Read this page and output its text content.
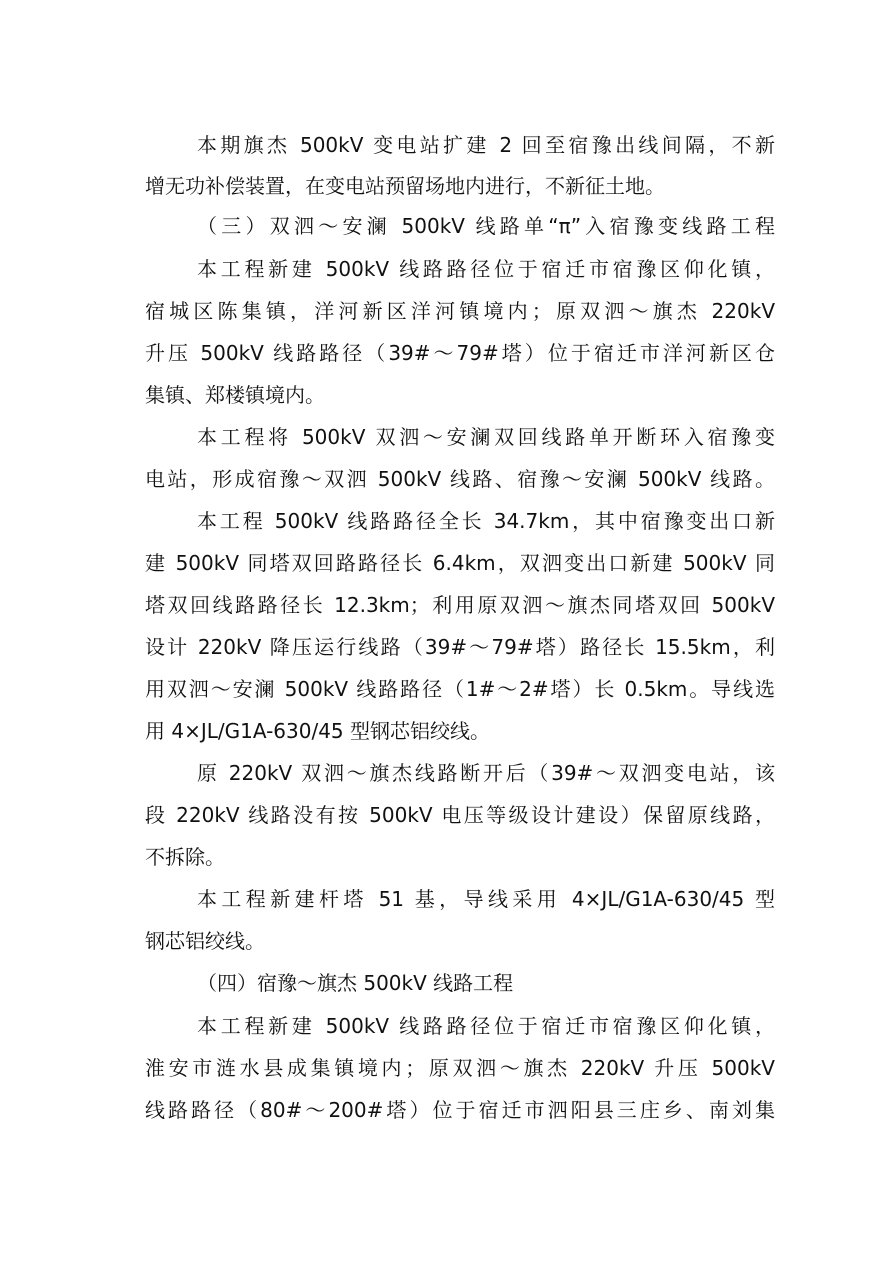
本期旗杰 500kV 变电站扩建 2 回至宿豫出线间隔，不新
增无功补偿装置，在变电站预留场地内进行，不新征土地。
（三）双泗～安澜 500kV 线路单“π”入宿豫变线路工程
本工程新建 500kV 线路路径位于宿迁市宿豫区仰化镇，
宿城区陈集镇，洋河新区洋河镇境内；原双泗～旗杰 220kV
升压 500kV 线路路径（39#～79#塔）位于宿迁市洋河新区仓
集镇、郑楼镇境内。
本工程将 500kV 双泗～安澜双回线路单开断环入宿豫变
电站，形成宿豫～双泗 500kV 线路、宿豫～安澜 500kV 线路。
本工程 500kV 线路路径全长 34.7km，其中宿豫变出口新
建 500kV 同塔双回路路径长 6.4km，双泗变出口新建 500kV 同
塔双回线路路径长 12.3km；利用原双泗～旗杰同塔双回 500kV
设计 220kV 降压运行线路（39#～79#塔）路径长 15.5km，利
用双泗～安澜 500kV 线路路径（1#～2#塔）长 0.5km。导线选
用 4×JL/G1A-630/45 型钢芯铝绞线。
原 220kV 双泗～旗杰线路断开后（39#～双泗变电站，该
段 220kV 线路没有按 500kV 电压等级设计建设）保留原线路，
不拆除。
本工程新建杆塔 51 基，导线采用 4×JL/G1A-630/45 型
钢芯铝绞线。
（四）宿豫～旗杰 500kV 线路工程
本工程新建 500kV 线路路径位于宿迁市宿豫区仰化镇，
淮安市涟水县成集镇境内；原双泗～旗杰 220kV 升压 500kV
线路路径（80#～200#塔）位于宿迁市泗阳县三庄乡、南刘集
